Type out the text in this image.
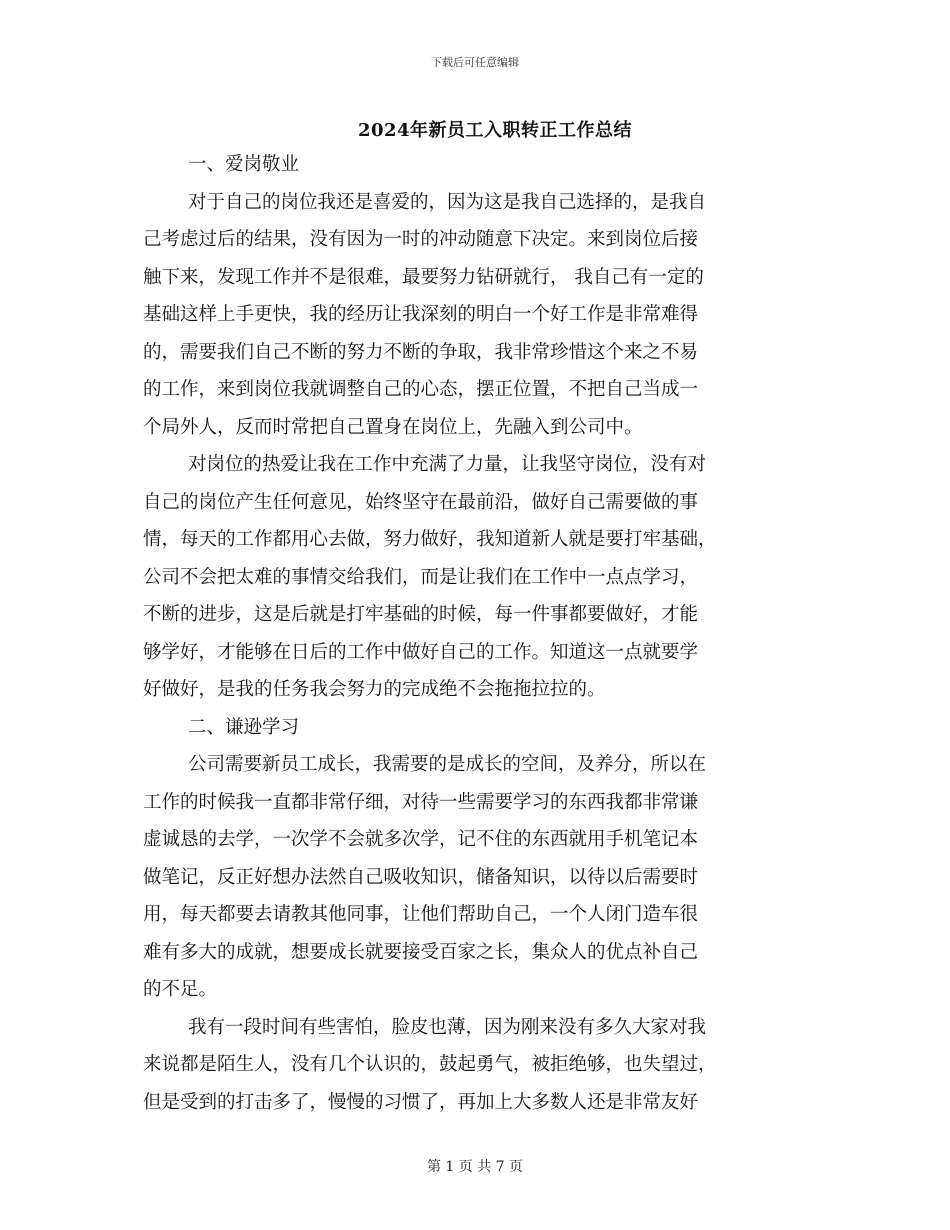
下载后可任意编辑
2024年新员工入职转正工作总结
一、爱岗敬业
对于自己的岗位我还是喜爱的，因为这是我自己选择的，是我自
己考虑过后的结果，没有因为一时的冲动随意下决定。来到岗位后接
触下来，发现工作并不是很难，最要努力钻研就行， 我自己有一定的
基础这样上手更快，我的经历让我深刻的明白一个好工作是非常难得
的，需要我们自己不断的努力不断的争取，我非常珍惜这个来之不易
的工作，来到岗位我就调整自己的心态，摆正位置，不把自己当成一
个局外人，反而时常把自己置身在岗位上，先融入到公司中。
对岗位的热爱让我在工作中充满了力量，让我坚守岗位，没有对
自己的岗位产生任何意见，始终坚守在最前沿，做好自己需要做的事
情，每天的工作都用心去做，努力做好，我知道新人就是要打牢基础，
公司不会把太难的事情交给我们，而是让我们在工作中一点点学习，
不断的进步，这是后就是打牢基础的时候，每一件事都要做好，才能
够学好，才能够在日后的工作中做好自己的工作。知道这一点就要学
好做好，是我的任务我会努力的完成绝不会拖拖拉拉的。
二、谦逊学习
公司需要新员工成长，我需要的是成长的空间，及养分，所以在
工作的时候我一直都非常仔细，对待一些需要学习的东西我都非常谦
虚诚恳的去学，一次学不会就多次学，记不住的东西就用手机笔记本
做笔记，反正好想办法然自己吸收知识，储备知识，以待以后需要时
用，每天都要去请教其他同事，让他们帮助自己，一个人闭门造车很
难有多大的成就，想要成长就要接受百家之长，集众人的优点补自己
的不足。
我有一段时间有些害怕，脸皮也薄，因为刚来没有多久大家对我
来说都是陌生人，没有几个认识的，鼓起勇气，被拒绝够，也失望过，
但是受到的打击多了，慢慢的习惯了，再加上大多数人还是非常友好
第 1 页 共 7 页
